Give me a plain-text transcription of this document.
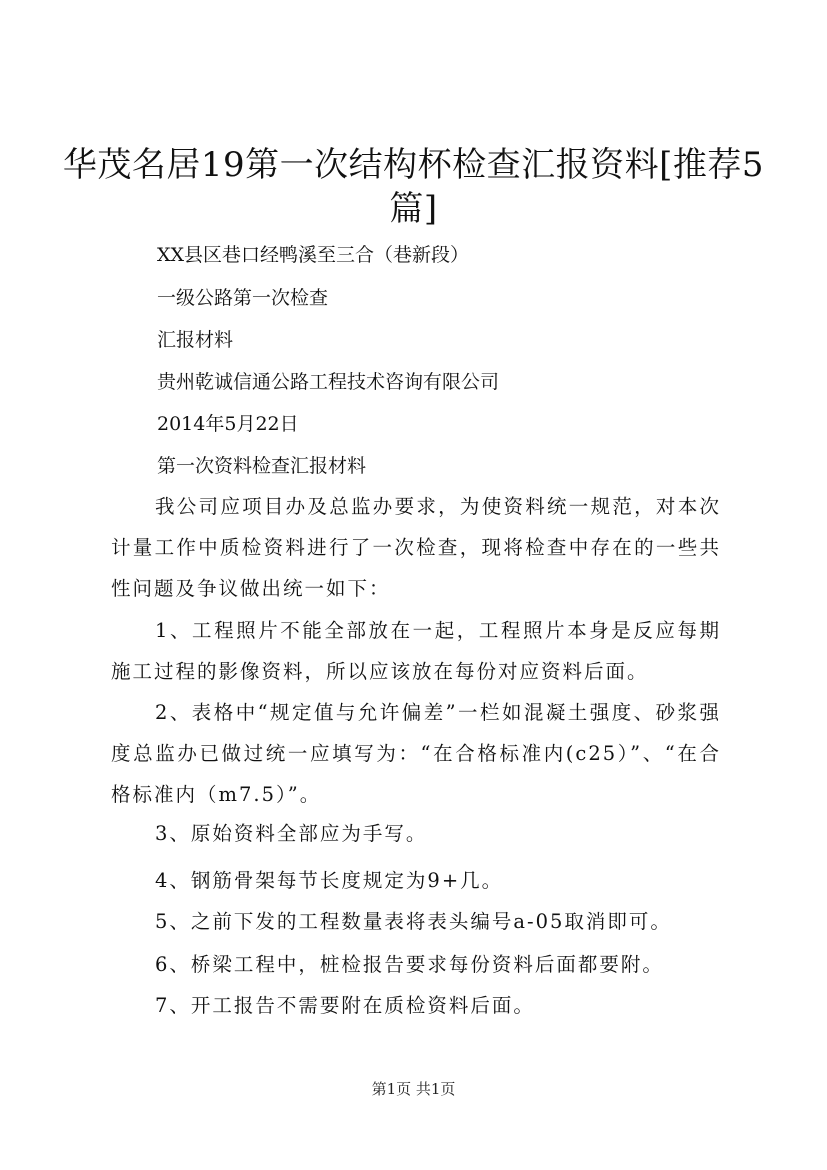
华茂名居19第一次结构杯检查汇报资料[推荐5篇]

XX县区巷口经鸭溪至三合（巷新段）

一级公路第一次检查

汇报材料

贵州乾诚信通公路工程技术咨询有限公司

2014年5月22日

第一次资料检查汇报材料

我公司应项目办及总监办要求，为使资料统一规范，对本次计量工作中质检资料进行了一次检查，现将检查中存在的一些共性问题及争议做出统一如下：

1、工程照片不能全部放在一起，工程照片本身是反应每期施工过程的影像资料，所以应该放在每份对应资料后面。

2、表格中“规定值与允许偏差”一栏如混凝土强度、砂浆强度总监办已做过统一应填写为：“在合格标准内(c25）”、“在合格标准内（m7.5）”。

3、原始资料全部应为手写。

4、钢筋骨架每节长度规定为9+几。

5、之前下发的工程数量表将表头编号a-05取消即可。

6、桥梁工程中，桩检报告要求每份资料后面都要附。

7、开工报告不需要附在质检资料后面。

第1页 共1页
